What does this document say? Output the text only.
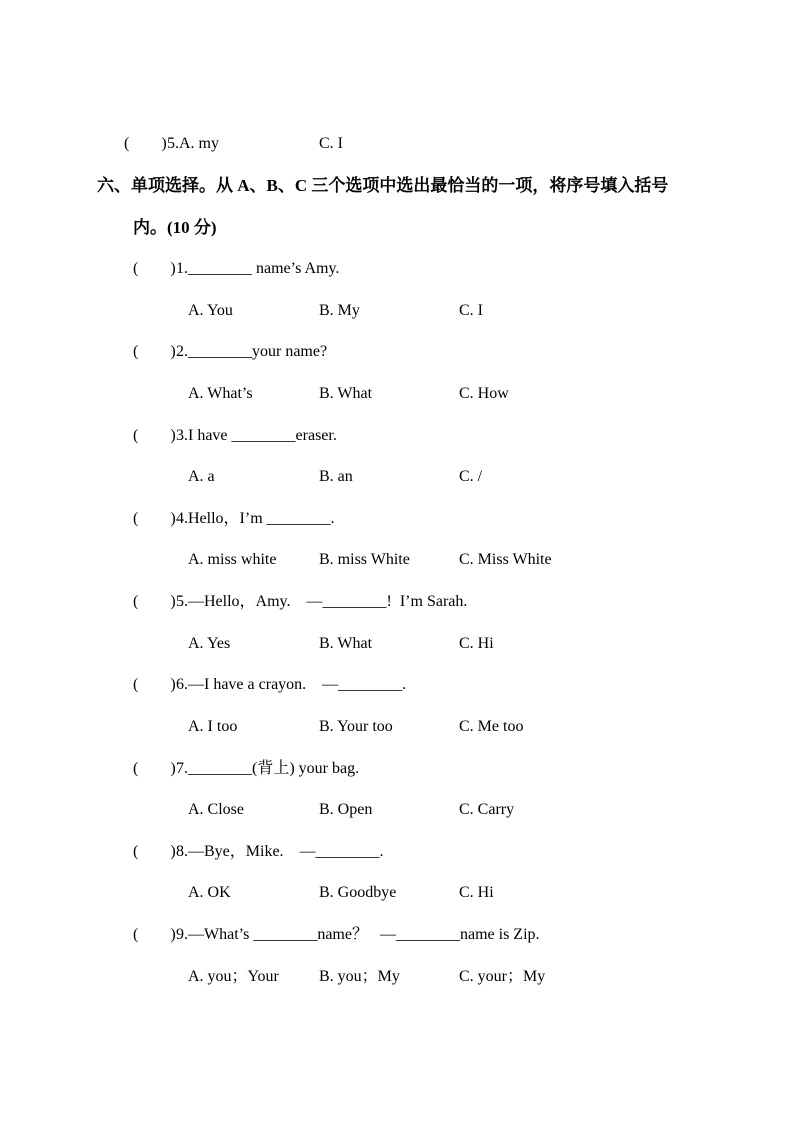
(        ) 5.A. my	C. I
六、单项选择。从 A、B、C 三个选项中选出最恰当的一项，将序号填入括号
内。(10 分)
(        ) 1.________ name’s Amy.
A. You	B. My	C. I
(        ) 2.________your name?
A. What’s	B. What	C. How
(        ) 3.I have ________eraser.
A. a	B. an	C. /
(        ) 4.Hello，I’m ________.
A. miss white	B. miss White	C. Miss White
(        ) 5.—Hello，Amy.    —________!  I’m Sarah.
A. Yes	B. What	C. Hi
(        ) 6.—I have a crayon.    —________.
A. I too	B. Your too	C. Me too
(        ) 7.________(背上) your bag.
A. Close	B. Open	C. Carry
(        ) 8.—Bye，Mike.    —________.
A. OK	B. Goodbye	C. Hi
(        ) 9.—What’s ________name？   —________name is Zip.
A. you；Your	B. you；My	C. your；My
